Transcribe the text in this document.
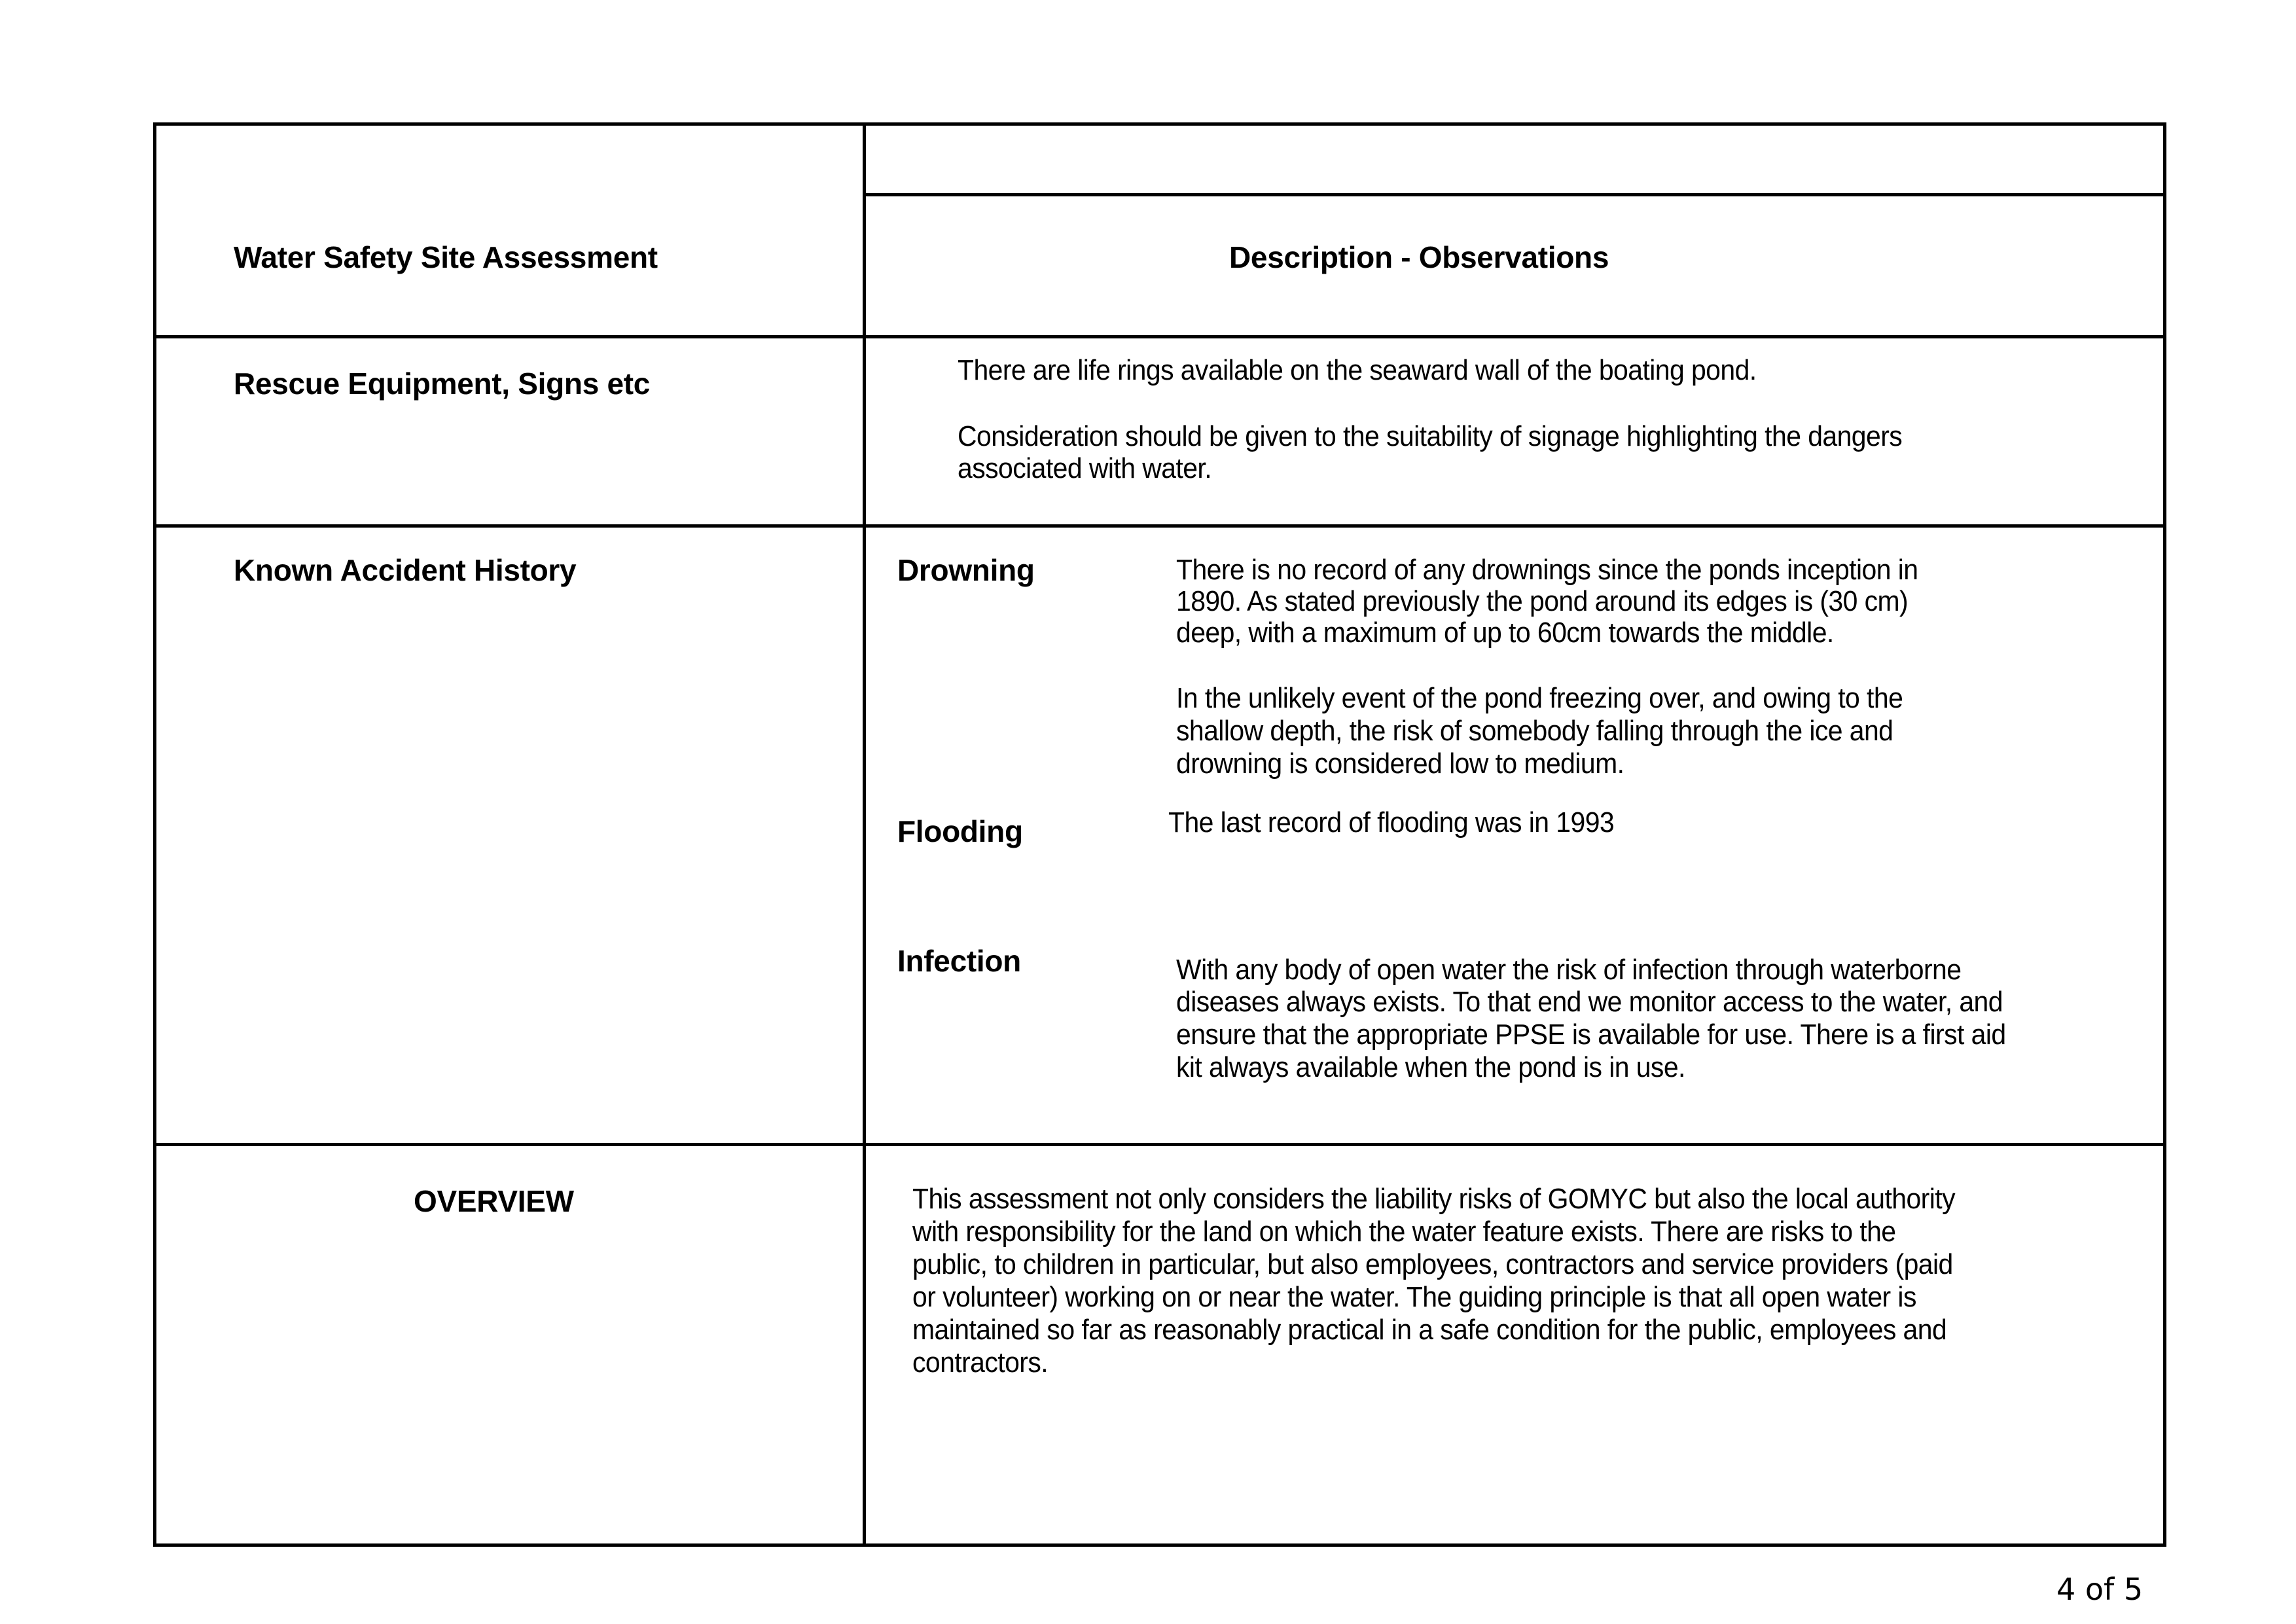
Water Safety Site Assessment	Description - Observations
Rescue Equipment, Signs etc	There are life rings available on the seaward wall of the boating pond.
Consideration should be given to the suitability of signage highlighting the dangers
associated with water.
Known Accident History	Drowning	There is no record of any drownings since the ponds inception in
1890. As stated previously the pond around its edges is (30 cm)
deep, with a maximum of up to 60cm towards the middle.
In the unlikely event of the pond freezing over, and owing to the
shallow depth, the risk of somebody falling through the ice and
drowning is considered low to medium.
Flooding	The last record of flooding was in 1993
Infection	With any body of open water the risk of infection through waterborne
diseases always exists. To that end we monitor access to the water, and
ensure that the appropriate PPSE is available for use. There is a first aid
kit always available when the pond is in use.
OVERVIEW	This assessment not only considers the liability risks of GOMYC but also the local authority
with responsibility for the land on which the water feature exists. There are risks to the
public, to children in particular, but also employees, contractors and service providers (paid
or volunteer) working on or near the water. The guiding principle is that all open water is
maintained so far as reasonably practical in a safe condition for the public, employees and
contractors.
4 of 5
